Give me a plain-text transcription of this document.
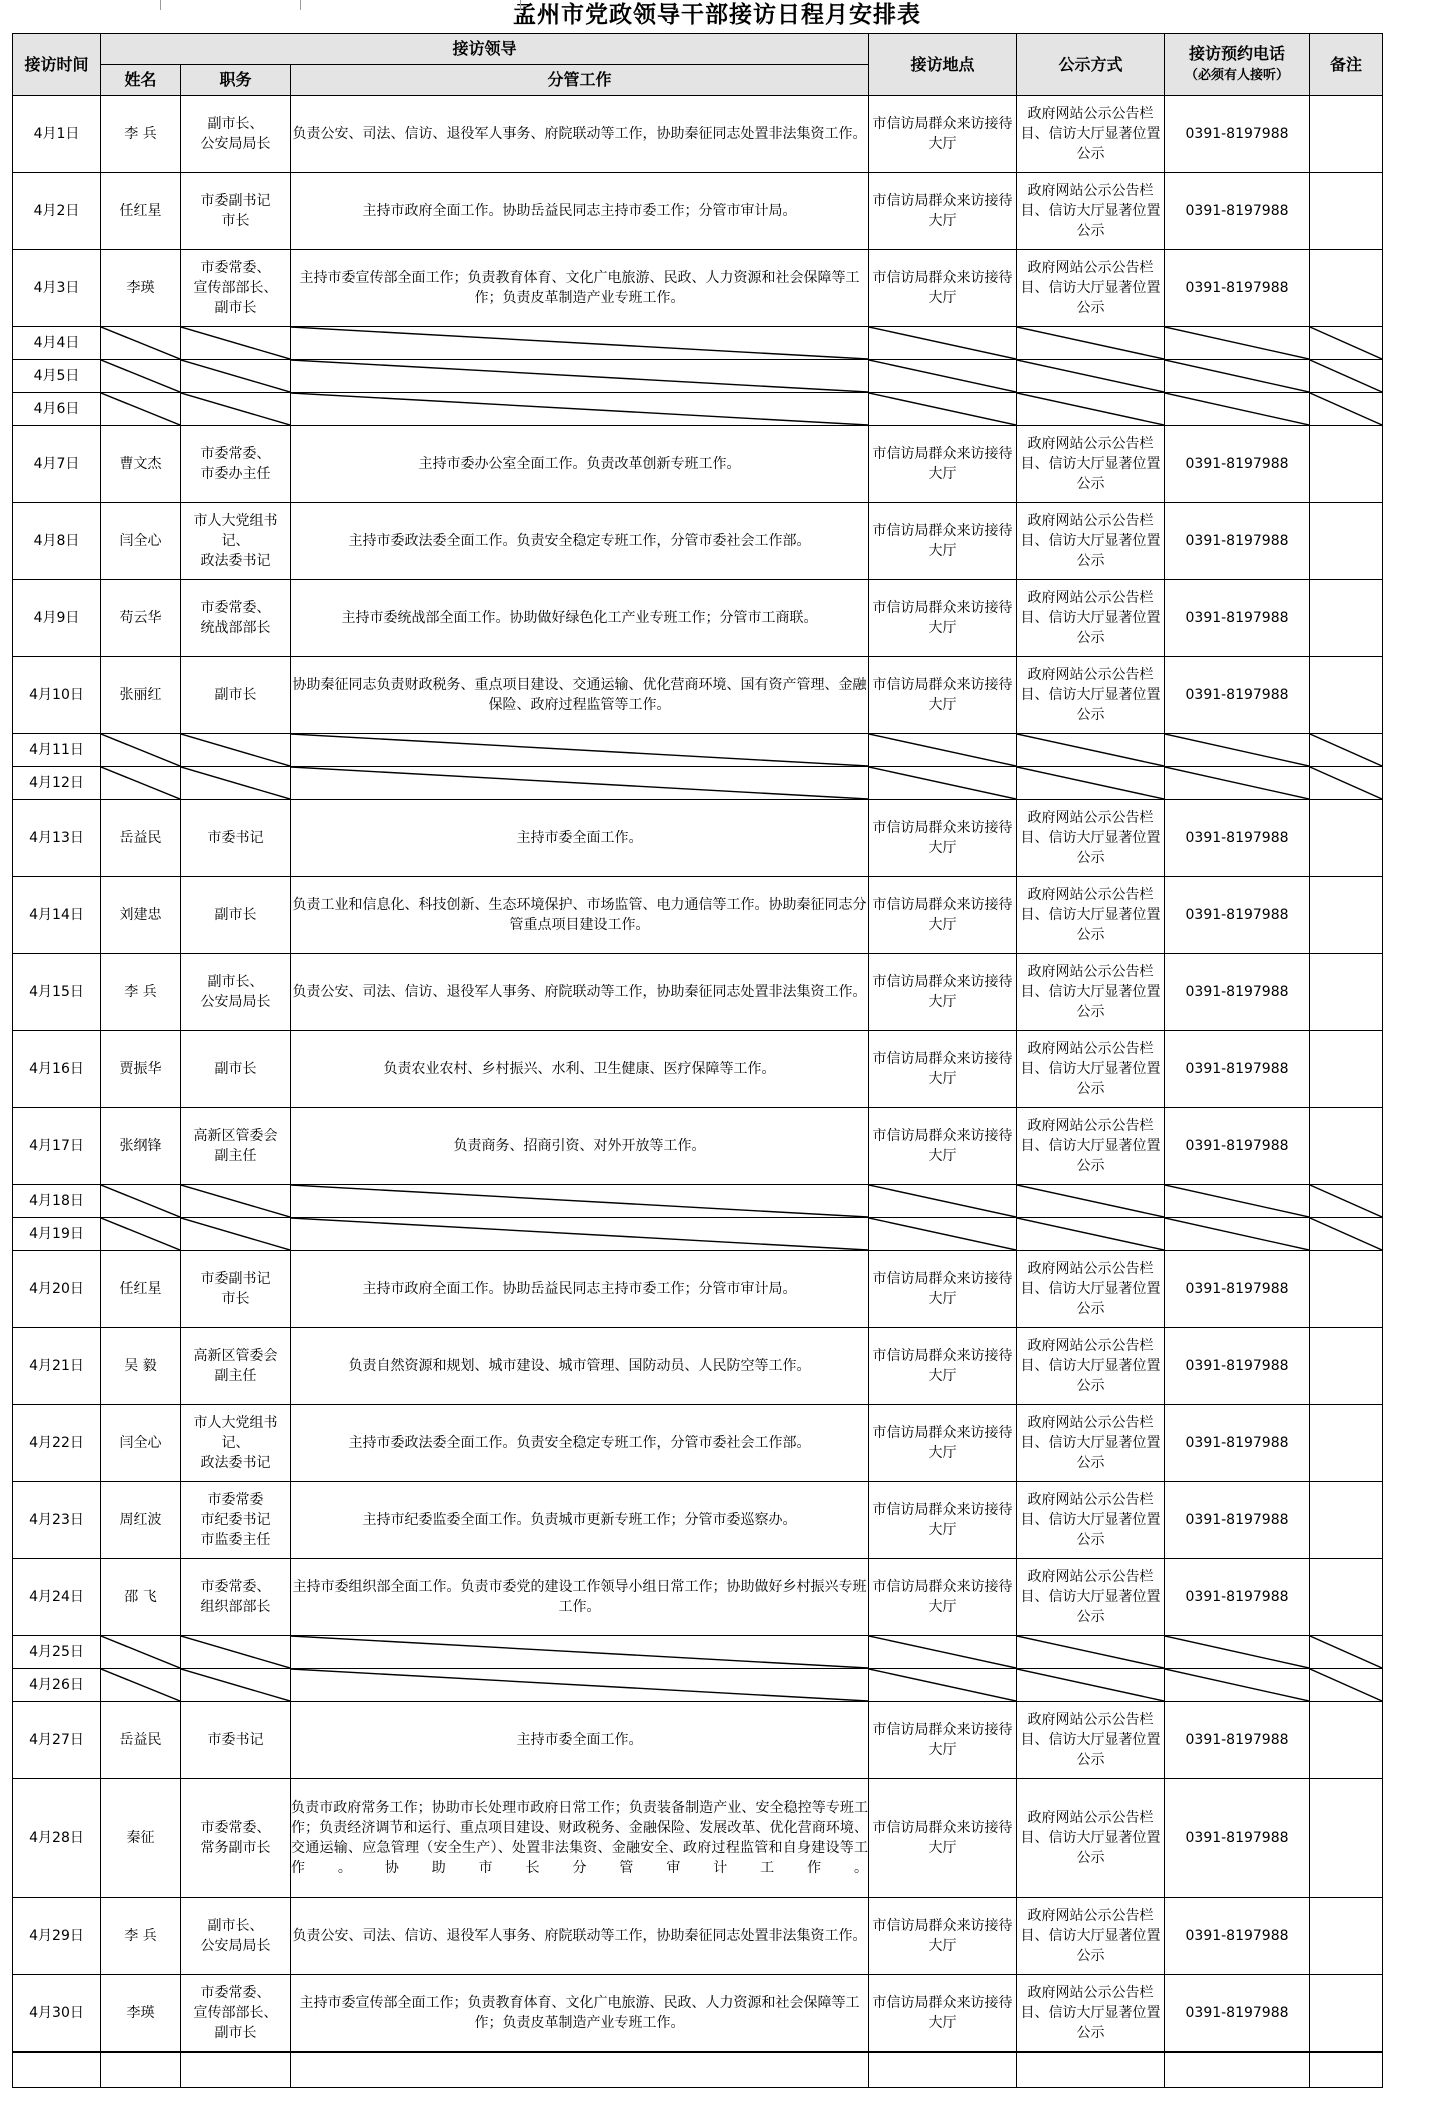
孟州市党政领导干部接访日程月安排表
接访时间	接访领导			接访地点	公示方式	接访预约电话
（必须有人接听）	备注
	姓名	职务	分管工作				
4月1日	李 兵	副市长、
公安局局长	负责公安、司法、信访、退役军人事务、府院联动等工作，协助秦征同志处置非法集资工作。	市信访局群众来访接待大厅	政府网站公示公告栏目、信访大厅显著位置公示	0391-8197988	
4月2日	任红星	市委副书记
市长	主持市政府全面工作。协助岳益民同志主持市委工作；分管市审计局。	市信访局群众来访接待大厅	政府网站公示公告栏目、信访大厅显著位置公示	0391-8197988	
4月3日	李瑛	市委常委、
宣传部部长、
副市长	主持市委宣传部全面工作；负责教育体育、文化广电旅游、民政、人力资源和社会保障等工作；负责皮革制造产业专班工作。	市信访局群众来访接待大厅	政府网站公示公告栏目、信访大厅显著位置公示	0391-8197988	
4月4日	

4月5日	

4月6日	

4月7日	曹文杰	市委常委、
市委办主任	主持市委办公室全面工作。负责改革创新专班工作。	市信访局群众来访接待大厅	政府网站公示公告栏目、信访大厅显著位置公示	0391-8197988	
4月8日	闫全心	市人大党组书记、
政法委书记	主持市委政法委全面工作。负责安全稳定专班工作，分管市委社会工作部。	市信访局群众来访接待大厅	政府网站公示公告栏目、信访大厅显著位置公示	0391-8197988	
4月9日	苟云华	市委常委、
统战部部长	主持市委统战部全面工作。协助做好绿色化工产业专班工作；分管市工商联。	市信访局群众来访接待大厅	政府网站公示公告栏目、信访大厅显著位置公示	0391-8197988	
4月10日	张丽红	副市长	协助秦征同志负责财政税务、重点项目建设、交通运输、优化营商环境、国有资产管理、金融保险、政府过程监管等工作。	市信访局群众来访接待大厅	政府网站公示公告栏目、信访大厅显著位置公示	0391-8197988	
4月11日	

4月12日	

4月13日	岳益民	市委书记	主持市委全面工作。	市信访局群众来访接待大厅	政府网站公示公告栏目、信访大厅显著位置公示	0391-8197988	
4月14日	刘建忠	副市长	负责工业和信息化、科技创新、生态环境保护、市场监管、电力通信等工作。协助秦征同志分管重点项目建设工作。	市信访局群众来访接待大厅	政府网站公示公告栏目、信访大厅显著位置公示	0391-8197988	
4月15日	李 兵	副市长、
公安局局长	负责公安、司法、信访、退役军人事务、府院联动等工作，协助秦征同志处置非法集资工作。	市信访局群众来访接待大厅	政府网站公示公告栏目、信访大厅显著位置公示	0391-8197988	
4月16日	贾振华	副市长	负责农业农村、乡村振兴、水利、卫生健康、医疗保障等工作。	市信访局群众来访接待大厅	政府网站公示公告栏目、信访大厅显著位置公示	0391-8197988	
4月17日	张纲锋	高新区管委会
副主任	负责商务、招商引资、对外开放等工作。	市信访局群众来访接待大厅	政府网站公示公告栏目、信访大厅显著位置公示	0391-8197988	
4月18日	

4月19日	

4月20日	任红星	市委副书记
市长	主持市政府全面工作。协助岳益民同志主持市委工作；分管市审计局。	市信访局群众来访接待大厅	政府网站公示公告栏目、信访大厅显著位置公示	0391-8197988	
4月21日	吴 毅	高新区管委会
副主任	负责自然资源和规划、城市建设、城市管理、国防动员、人民防空等工作。	市信访局群众来访接待大厅	政府网站公示公告栏目、信访大厅显著位置公示	0391-8197988	
4月22日	闫全心	市人大党组书记、
政法委书记	主持市委政法委全面工作。负责安全稳定专班工作，分管市委社会工作部。	市信访局群众来访接待大厅	政府网站公示公告栏目、信访大厅显著位置公示	0391-8197988	
4月23日	周红波	市委常委
市纪委书记
市监委主任	主持市纪委监委全面工作。负责城市更新专班工作；分管市委巡察办。	市信访局群众来访接待大厅	政府网站公示公告栏目、信访大厅显著位置公示	0391-8197988	
4月24日	邵 飞	市委常委、
组织部部长	主持市委组织部全面工作。负责市委党的建设工作领导小组日常工作；协助做好乡村振兴专班工作。	市信访局群众来访接待大厅	政府网站公示公告栏目、信访大厅显著位置公示	0391-8197988	
4月25日	

4月26日	

4月27日	岳益民	市委书记	主持市委全面工作。	市信访局群众来访接待大厅	政府网站公示公告栏目、信访大厅显著位置公示	0391-8197988	
4月28日	秦征	市委常委、
常务副市长	负责市政府常务工作；协助市长处理市政府日常工作；负责装备制造产业、安全稳控等专班工作；负责经济调节和运行、重点项目建设、财政税务、金融保险、发展改革、优化营商环境、交通运输、应急管理（安全生产）、处置非法集资、金融安全、政府过程监管和自身建设等工作。协助市长分管审计工作。	市信访局群众来访接待大厅	政府网站公示公告栏目、信访大厅显著位置公示	0391-8197988	
4月29日	李 兵	副市长、
公安局局长	负责公安、司法、信访、退役军人事务、府院联动等工作，协助秦征同志处置非法集资工作。	市信访局群众来访接待大厅	政府网站公示公告栏目、信访大厅显著位置公示	0391-8197988	
4月30日	李瑛	市委常委、
宣传部部长、
副市长	主持市委宣传部全面工作；负责教育体育、文化广电旅游、民政、人力资源和社会保障等工作；负责皮革制造产业专班工作。	市信访局群众来访接待大厅	政府网站公示公告栏目、信访大厅显著位置公示	0391-8197988	
